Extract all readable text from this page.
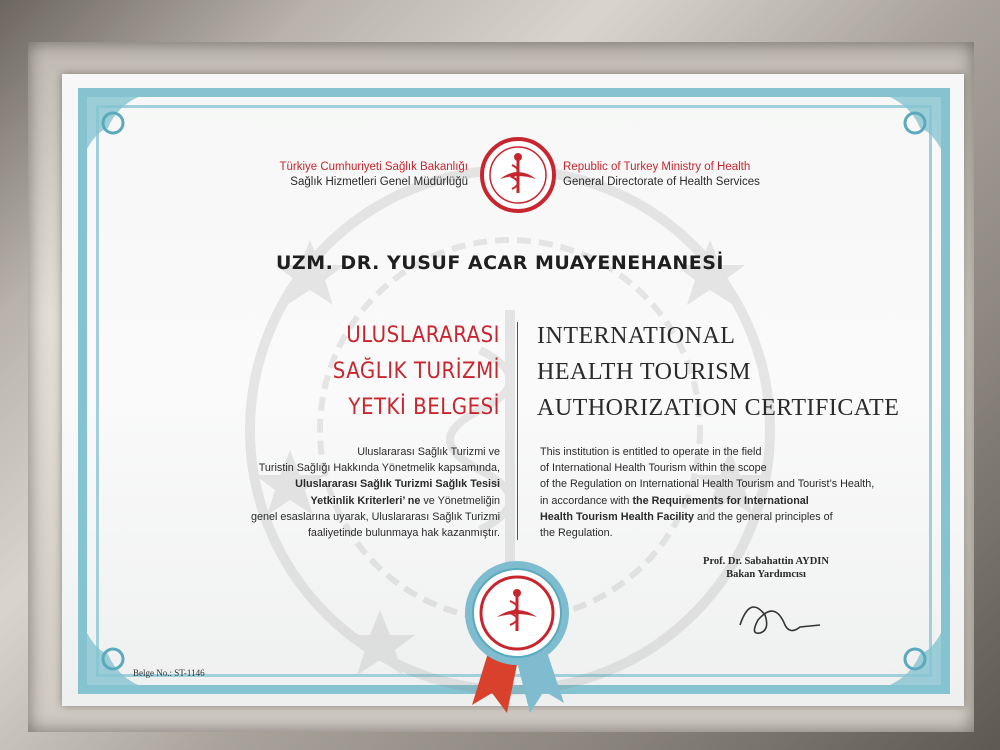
Türkiye Cumhuriyeti Sağlık Bakanlığı
Sağlık Hizmetleri Genel Müdürlüğü
Republic of Turkey Ministry of Health
General Directorate of Health Services
UZM. DR. YUSUF ACAR MUAYENEHANESİ
ULUSLARARASI
SAĞLIK TURİZMİ
YETKİ BELGESİ
INTERNATIONAL
HEALTH TOURISM
AUTHORIZATION CERTIFICATE
Uluslararası Sağlık Turizmi ve
Turistin Sağlığı Hakkında Yönetmelik kapsamında,
Uluslararası Sağlık Turizmi Sağlık Tesisi
Yetkinlik Kriterleri’ ne ve Yönetmeliğin
genel esaslarına uyarak, Uluslararası Sağlık Turizmi
faaliyetinde bulunmaya hak kazanmıştır.
This institution is entitled to operate in the field
of International Health Tourism within the scope
of the Regulation on International Health Tourism and Tourist’s Health,
in accordance with the Requirements for International
Health Tourism Health Facility and the general principles of
the Regulation.
Prof. Dr. Sabahattin AYDIN
Bakan Yardımcısı
Belge No.: ST-1146
